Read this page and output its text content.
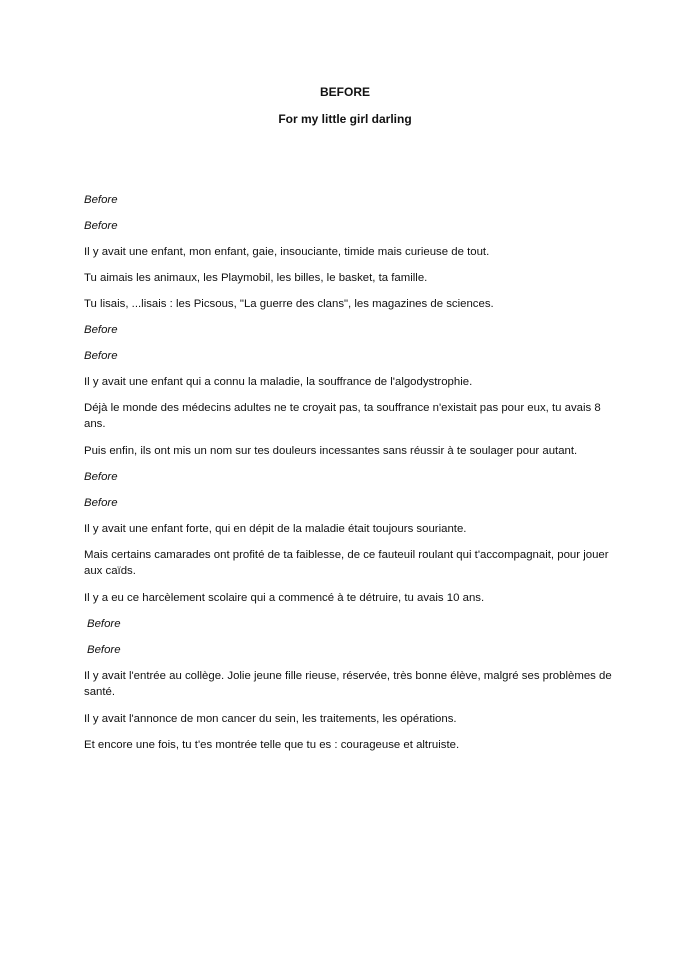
BEFORE

For my little girl darling

Before

Before

Il y avait une enfant, mon enfant, gaie, insouciante, timide mais curieuse de tout.

Tu aimais les animaux, les Playmobil, les billes, le basket, ta famille.

Tu lisais, ...lisais : les Picsous, "La guerre des clans", les magazines de sciences.

Before

Before

Il y avait une enfant qui a connu la maladie, la souffrance de l'algodystrophie.

Déjà le monde des médecins adultes ne te croyait pas, ta souffrance n'existait pas pour eux, tu avais 8 ans.

Puis enfin, ils ont mis un nom sur tes douleurs incessantes sans réussir à te soulager pour autant.

Before

Before

Il y avait une enfant forte, qui en dépit de la maladie était toujours souriante.

Mais certains camarades ont profité de ta faiblesse, de ce fauteuil roulant qui t'accompagnait, pour jouer aux caïds.

Il y a eu ce harcèlement scolaire qui a commencé à te détruire, tu avais 10 ans.

Before

Before

Il y avait l'entrée au collège. Jolie jeune fille rieuse, réservée, très bonne élève, malgré ses problèmes de santé.

Il y avait l'annonce de mon cancer du sein, les traitements, les opérations.

Et encore une fois, tu t'es montrée telle que tu es : courageuse et altruiste.
